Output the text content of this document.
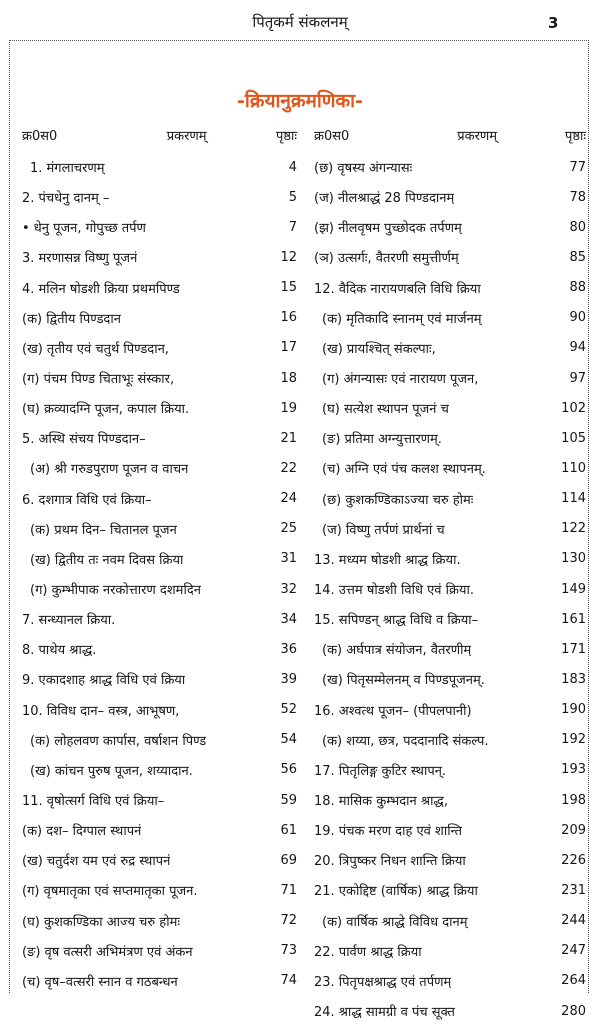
पितृकर्म संकलनम्	3
-क्रियानुक्रमणिका-
क्र0स0	प्रकरणम्	पृष्ठाः
1. मंगलाचरणम्	4
2. पंचधेनु दानम् –	5
• धेनु पूजन, गोपुच्छ तर्पण	7
3. मरणासन्न विष्णु पूजनं	12
4. मलिन षोडशी क्रिया प्रथमपिण्ड	15
(क) द्वितीय पिण्डदान	16
(ख) तृतीय एवं चतुर्थ पिण्डदान,	17
(ग) पंचम पिण्ड चिताभूः संस्कार,	18
(घ) क्रव्यादग्नि पूजन, कपाल क्रिया.	19
5. अस्थि संचय पिण्डदान–	21
(अ) श्री गरुडपुराण पूजन व वाचन	22
6. दशगात्र विधि एवं क्रिया–	24
(क) प्रथम दिन– चितानल पूजन	25
(ख) द्वितीय तः नवम दिवस क्रिया	31
(ग) कुम्भीपाक नरकोत्तारण दशमदिन	32
7. सन्ध्यानल क्रिया.	34
8. पाथेय श्राद्ध.	36
9. एकादशाह श्राद्ध विधि एवं क्रिया	39
10. विविध दान– वस्त्र, आभूषण,	52
(क) लोहलवण कार्पास, वर्षाशन पिण्ड	54
(ख) कांचन पुरुष पूजन, शय्यादान.	56
11. वृषोत्सर्ग विधि एवं क्रिया–	59
(क) दश– दिग्पाल स्थापनं	61
(ख) चतुर्दश यम एवं रुद्र स्थापनं	69
(ग) वृषमातृका एवं सप्तमातृका पूजन.	71
(घ) कुशकण्डिका आज्य चरु होमः	72
(ङ) वृष वत्सरी अभिमंत्रण एवं अंकन	73
(च) वृष–वत्सरी स्नान व गठबन्धन	74
क्र0स0	प्रकरणम्	पृष्ठाः
(छ) वृषस्य अंगन्यासः	77
(ज) नीलश्राद्धं 28 पिण्डदानम्	78
(झ) नीलवृषम पुच्छोदक तर्पणम्	80
(ञ) उत्सर्गः, वैतरणी समुत्तीर्णम्	85
12. वैदिक नारायणबलि विधि क्रिया	88
(क) मृतिकादि स्नानम् एवं मार्जनम्	90
(ख) प्रायश्चित् संकल्पाः,	94
(ग) अंगन्यासः एवं नारायण पूजन,	97
(घ) सत्येश स्थापन पूजनं च	102
(ङ) प्रतिमा अग्न्युत्तारणम्.	105
(च) अग्नि एवं पंच कलश स्थापनम्.	110
(छ) कुशकण्डिकाऽज्या चरु होमः	114
(ज) विष्णु तर्पणं प्रार्थनां च	122
13. मध्यम षोडशी श्राद्ध क्रिया.	130
14. उत्तम षोडशी विधि एवं क्रिया.	149
15. सपिण्डन् श्राद्ध विधि व क्रिया–	161
(क) अर्घपात्र संयोजन, वैतरणीम्	171
(ख) पितृसम्मेलनम् व पिण्डपूजनम्.	183
16. अश्वत्थ पूजन– (पीपलपानी)	190
(क) शय्या, छत्र, पददानादि संकल्प.	192
17. पितृलिङ्ग कुटिर स्थापन्.	193
18. मासिक कुम्भदान श्राद्ध,	198
19. पंचक मरण दाह एवं शान्ति	209
20. त्रिपुष्कर निधन शान्ति क्रिया	226
21. एकोद्दिष्ट (वार्षिक) श्राद्ध क्रिया	231
(क) वार्षिक श्राद्धे विविध दानम्	244
22. पार्वण श्राद्ध क्रिया	247
23. पितृपक्षश्राद्ध एवं तर्पणम्	264
24. श्राद्ध सामग्री व पंच सूक्त	280
